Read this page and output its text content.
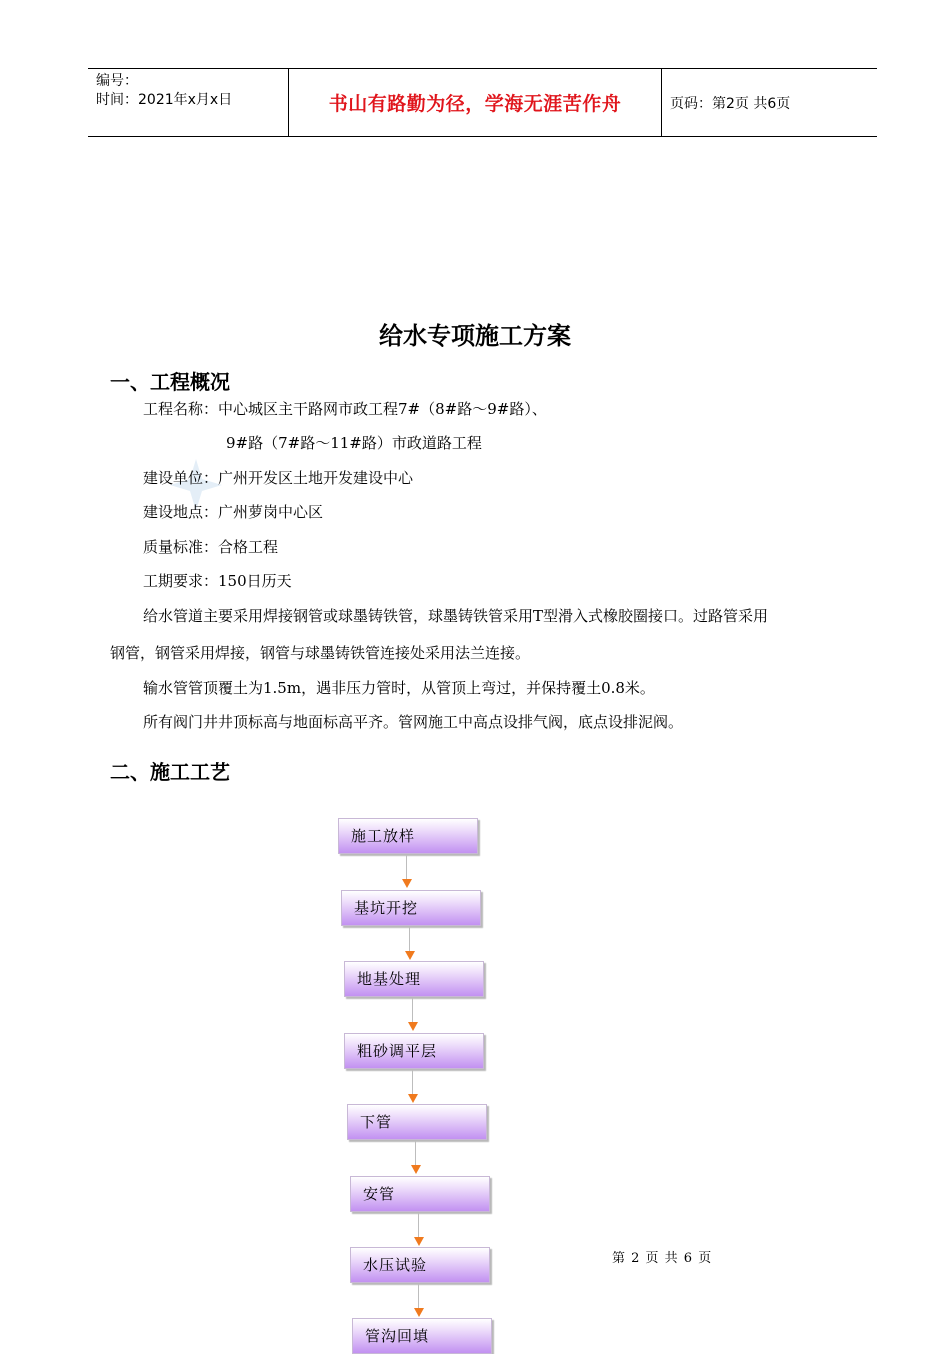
编号：
时间：2021年x月x日	书山有路勤为径，学海无涯苦作舟	页码：第2页 共6页
给水专项施工方案
一、工程概况
工程名称：中心城区主干路网市政工程7#（8#路～9#路）、
9#路（7#路～11#路）市政道路工程
建设单位：广州开发区土地开发建设中心
建设地点：广州萝岗中心区
质量标准：合格工程
工期要求：150日历天
给水管道主要采用焊接钢管或球墨铸铁管，球墨铸铁管采用T型滑入式橡胶圈接口。过路管采用
钢管，钢管采用焊接，钢管与球墨铸铁管连接处采用法兰连接。
输水管管顶覆土为1.5m，遇非压力管时，从管顶上弯过，并保持覆土0.8米。
所有阀门井井顶标高与地面标高平齐。管网施工中高点设排气阀，底点设排泥阀。
二、施工工艺
施工放样
基坑开挖
地基处理
粗砂调平层
下管
安管
水压试验
管沟回填
第 2 页 共 6 页
